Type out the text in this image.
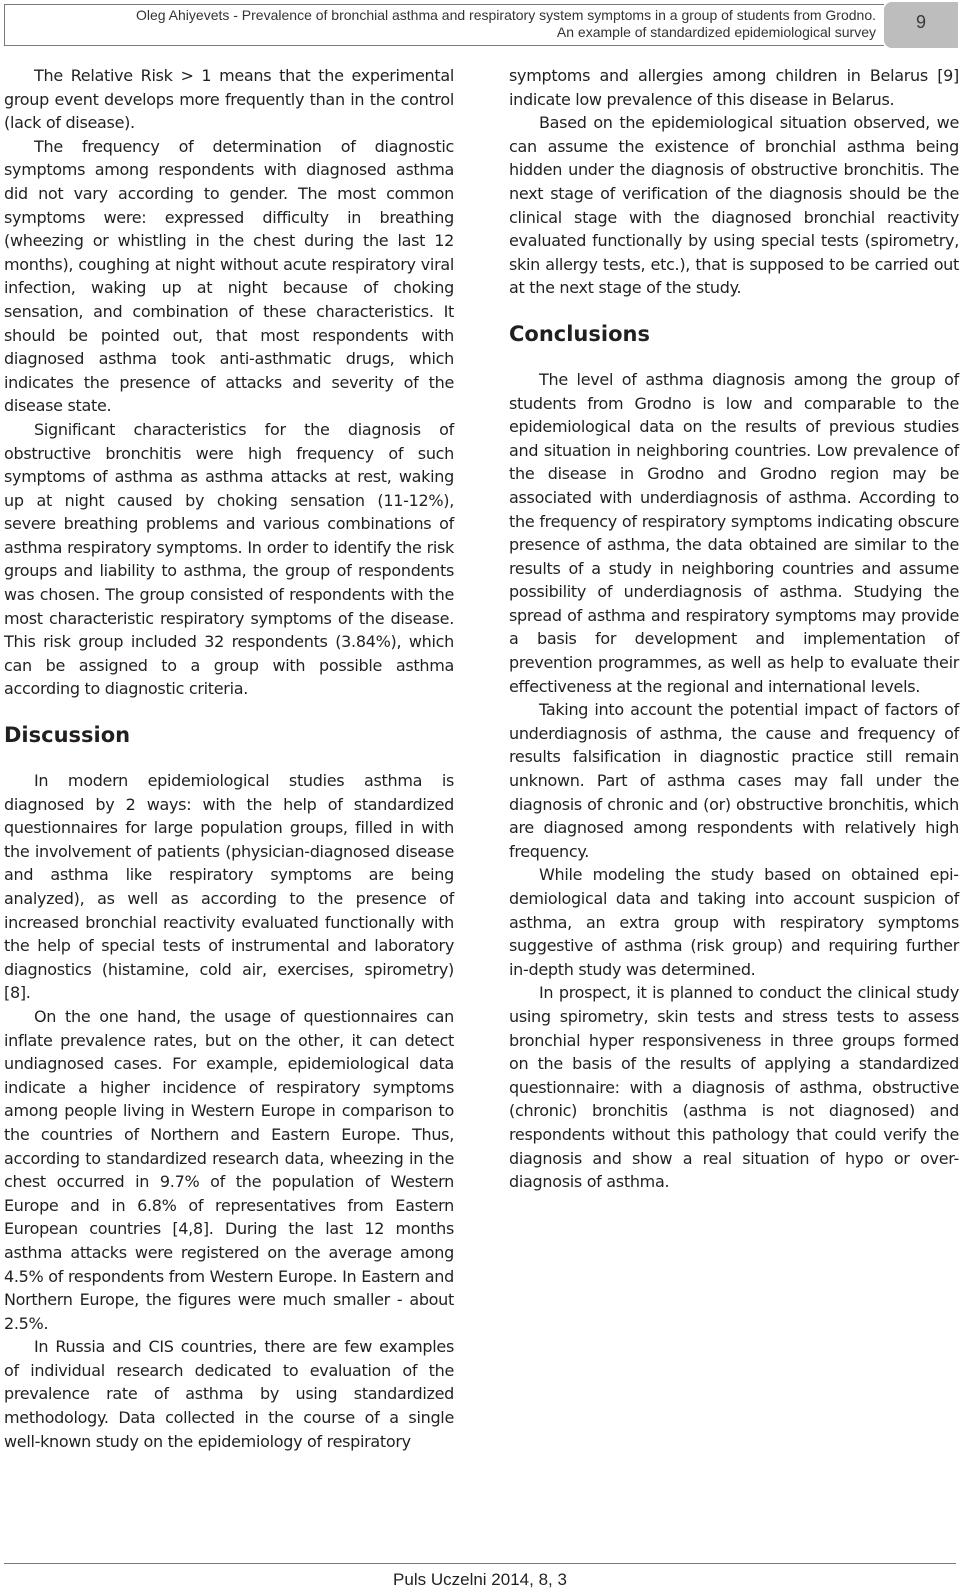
Oleg Ahiyevets - Prevalence of bronchial asthma and respiratory system symptoms in a group of students from Grodno.
An example of standardized epidemiological survey	9

The Relative Risk > 1 means that the experimental group event develops more frequently than in the control (lack of disease).

The frequency of determination of diagnostic symptoms among respondents with diagnosed asthma did not vary according to gender. The most common symptoms were: expressed difficulty in breathing (wheezing or whistling in the chest during the last 12 months), coughing at night without acute respiratory viral infection, waking up at night because of choking sensation, and combination of these characteristics. It should be pointed out, that most respondents with diagnosed asthma took anti-asthmatic drugs, which indicates the presence of attacks and severity of the disease state.

Significant characteristics for the diagnosis of obstructive bronchitis were high frequency of such symptoms of asthma as asthma attacks at rest, waking up at night caused by choking sensation (11-12%), severe breathing problems and various combinations of asthma respiratory symptoms. In order to identify the risk groups and liability to asthma, the group of respondents was chosen. The group consisted of respondents with the most characteristic respiratory symptoms of the disease. This risk group included 32 respondents (3.84%), which can be assigned to a group with possible asthma according to diagnostic criteria.

Discussion

In modern epidemiological studies asthma is diagnosed by 2 ways: with the help of standardized questionnaires for large population groups, filled in with the involvement of patients (physician-diagnosed disease and asthma like respiratory symptoms are being analyzed), as well as according to the presence of increased bronchial reactivity evaluated functionally with the help of special tests of instrumental and laboratory diagnostics (histamine, cold air, exercises, spirometry) [8].

On the one hand, the usage of questionnaires can inflate prevalence rates, but on the other, it can detect undiagnosed cases. For example, epidemiological data indicate a higher incidence of respiratory symptoms among people living in Western Europe in comparison to the countries of Northern and Eastern Europe. Thus, according to standardized research data, wheezing in the chest occurred in 9.7% of the population of Western Europe and in 6.8% of representatives from Eastern European countries [4,8]. During the last 12 months asthma attacks were registered on the average among 4.5% of respondents from Western Europe. In Eastern and Northern Europe, the figures were much smaller - about 2.5%.

In Russia and CIS countries, there are few examples of individual research dedicated to evaluation of the prevalence rate of asthma by using standardized methodology. Data collected in the course of a single well-known study on the epidemiology of respiratory

symptoms and allergies among children in Belarus [9] indicate low prevalence of this disease in Belarus.

Based on the epidemiological situation observed, we can assume the existence of bronchial asthma being hidden under the diagnosis of obstructive bronchitis. The next stage of verification of the diagnosis should be the clinical stage with the diagnosed bronchial reactivity evaluated functionally by using special tests (spirometry, skin allergy tests, etc.), that is supposed to be carried out at the next stage of the study.

Conclusions

The level of asthma diagnosis among the group of students from Grodno is low and comparable to the epidemiological data on the results of previous studies and situation in neighboring countries. Low prevalence of the disease in Grodno and Grodno region may be associated with underdiagnosis of asthma. According to the frequency of respiratory symptoms indicating obscure presence of asthma, the data obtained are similar to the results of a study in neighboring countries and assume possibility of underdiagnosis of asthma. Studying the spread of asthma and respiratory symptoms may provide a basis for development and implementation of prevention programmes, as well as help to evaluate their effectiveness at the regional and international levels.

Taking into account the potential impact of factors of underdiagnosis of asthma, the cause and frequency of results falsification in diagnostic practice still remain unknown. Part of asthma cases may fall under the diagnosis of chronic and (or) obstructive bronchitis, which are diagnosed among respondents with relatively high frequency.

While modeling the study based on obtained epidemiological data and taking into account suspicion of asthma, an extra group with respiratory symptoms suggestive of asthma (risk group) and requiring further in-depth study was determined.

In prospect, it is planned to conduct the clinical study using spirometry, skin tests and stress tests to assess bronchial hyper responsiveness in three groups formed on the basis of the results of applying a standardized questionnaire: with a diagnosis of asthma, obstructive (chronic) bronchitis (asthma is not diagnosed) and respondents without this pathology that could verify the diagnosis and show a real situation of hypo or over-diagnosis of asthma.

Puls Uczelni 2014, 8, 3
